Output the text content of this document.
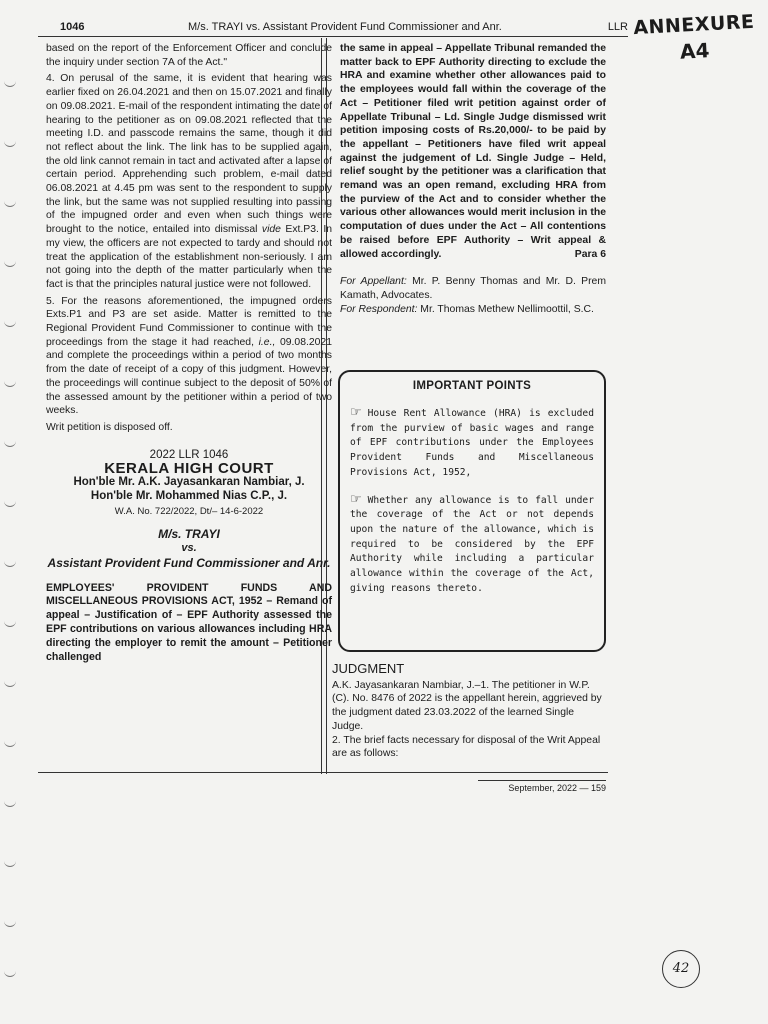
1046	M/s. TRAYI vs. Assistant Provident Fund Commissioner and Anr.	LLR ANNEXURE
A4

based on the report of the Enforcement Officer and conclude the inquiry under section 7A of the Act."

4. On perusal of the same, it is evident that hearing was earlier fixed on 26.04.2021 and then on 15.07.2021 and finally on 09.08.2021. E-mail of the respondent intimating the date of hearing to the petitioner as on 09.08.2021 reflected that the meeting I.D. and passcode remains the same, though it did not reflect about the link. The link has to be supplied again, the old link cannot remain in tact and activated after a lapse of certain period. Apprehending such problem, e-mail dated 06.08.2021 at 4.45 pm was sent to the respondent to supply the link, but the same was not supplied resulting into passing of the impugned order and even when such things were brought to the notice, entailed into dismissal vide Ext.P3. In my view, the officers are not expected to tardy and should not treat the application of the establishment non-seriously. I am not going into the depth of the matter particularly when the fact is that the principles natural justice were not followed.

5. For the reasons aforementioned, the impugned orders Exts.P1 and P3 are set aside. Matter is remitted to the Regional Provident Fund Commissioner to continue with the proceedings from the stage it had reached, i.e., 09.08.2021 and complete the proceedings within a period of two months from the date of receipt of a copy of this judgment. However, the proceedings will continue subject to the deposit of 50% of the assessed amount by the petitioner within a period of two weeks.

Writ petition is disposed off.

2022 LLR 1046
KERALA HIGH COURT
Hon'ble Mr. A.K. Jayasankaran Nambiar, J.
Hon'ble Mr. Mohammed Nias C.P., J.
W.A. No. 722/2022, Dt/– 14-6-2022
M/s. TRAYI
vs.
Assistant Provident Fund Commissioner and Anr.

EMPLOYEES' PROVIDENT FUNDS AND MISCELLANEOUS PROVISIONS ACT, 1952 – Remand of appeal – Justification of – EPF Authority assessed the EPF contributions on various allowances including HRA directing the employer to remit the amount – Petitioner challenged

the same in appeal – Appellate Tribunal remanded the matter back to EPF Authority directing to exclude the HRA and examine whether other allowances paid to the employees would fall within the coverage of the Act – Petitioner filed writ petition against order of Appellate Tribunal – Ld. Single Judge dismissed writ petition imposing costs of Rs.20,000/- to be paid by the appellant – Petitioners have filed writ appeal against the judgement of Ld. Single Judge – Held, relief sought by the petitioner was a clarification that remand was an open remand, excluding HRA from the purview of the Act and to consider whether the various other allowances would merit inclusion in the computation of dues under the Act – All contentions be raised before EPF Authority – Writ appeal & allowed accordingly.	Para 6

For Appellant: Mr. P. Benny Thomas and Mr. D. Prem Kamath, Advocates.

For Respondent: Mr. Thomas Methew Nellimoottil, S.C.

IMPORTANT POINTS

☞ House Rent Allowance (HRA) is excluded from the purview of basic wages and range of EPF contributions under the Employees Provident Funds and Miscellaneous Provisions Act, 1952,

☞ Whether any allowance is to fall under the coverage of the Act or not depends upon the nature of the allowance, which is required to be considered by the EPF Authority while including a particular allowance within the coverage of the Act, giving reasons thereto.

JUDGMENT

A.K. Jayasankaran Nambiar, J.–1. The petitioner in W.P. (C). No. 8476 of 2022 is the appellant herein, aggrieved by the judgment dated 23.03.2022 of the learned Single Judge.

2. The brief facts necessary for disposal of the Writ Appeal are as follows:

September, 2022 — 159
42
